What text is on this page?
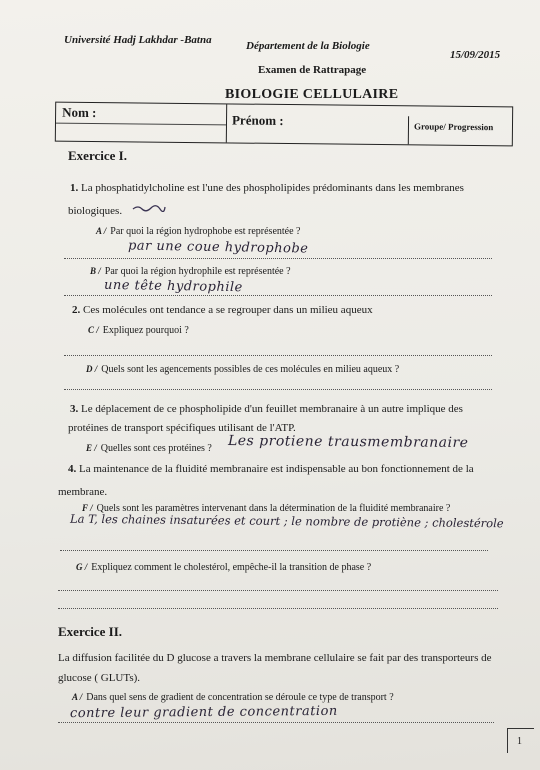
Université Hadj Lakhdar -Batna	Département de la Biologie
15/09/2015
Examen de Rattrapage
BIOLOGIE CELLULAIRE
Nom :
Prénom :	Groupe/ Progression
Exercice I.
1. La phosphatidylcholine est l'une des phospholipides prédominants dans les membranes
biologiques.
A / Par quoi la région hydrophobe est représentée ?
par une coue hydrophobe
B / Par quoi la région hydrophile est représentée ?
une tête hydrophile
2. Ces molécules ont tendance a se regrouper dans un milieu aqueux
C / Expliquez pourquoi ?
D / Quels sont les agencements possibles de ces molécules en milieu aqueux ?
3. Le déplacement de ce phospholipide d'un feuillet membranaire à un autre implique des
protéines de transport spécifiques utilisant de l'ATP.
E / Quelles sont ces protéines ? Les protiene trausmembranaire
4. La maintenance de la fluidité membranaire est indispensable au bon fonctionnement de la
membrane.
F / Quels sont les paramètres intervenant dans la détermination de la fluidité membranaire ?
La T, les chaines insaturées et court ; le nombre de protiène ; cholestérole
G / Expliquez comment le cholestérol, empêche-il la transition de phase ?
Exercice II.
La diffusion facilitée du D glucose a travers la membrane cellulaire se fait par des transporteurs de
glucose ( GLUTs).
A / Dans quel sens de gradient de concentration se déroule ce type de transport ?
contre leur gradient de concentration
1
